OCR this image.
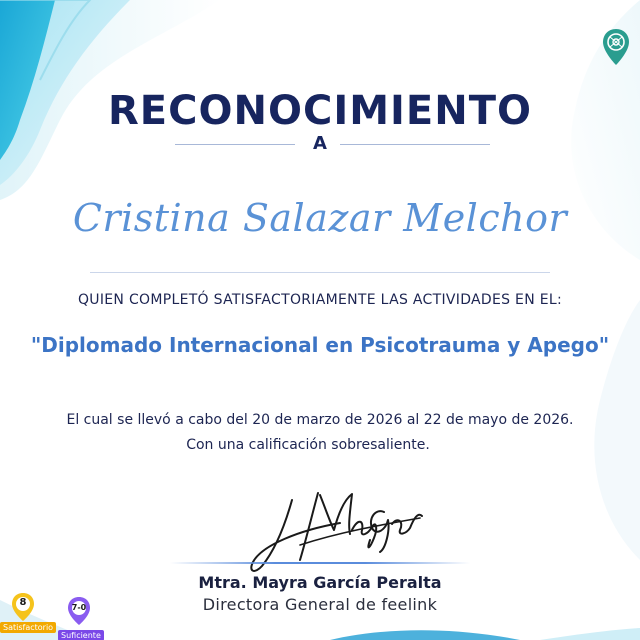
RECONOCIMIENTO
A
Cristina Salazar Melchor
QUIEN COMPLETÓ SATISFACTORIAMENTE LAS ACTIVIDADES EN EL:
"Diplomado Internacional en Psicotrauma y Apego"
El cual se llevó a cabo del 20 de marzo de 2026 al 22 de mayo de 2026.
Con una calificación sobresaliente.
Mtra. Mayra García Peralta
Directora General de feelink
8
Satisfactorio
7-0
Suficiente
